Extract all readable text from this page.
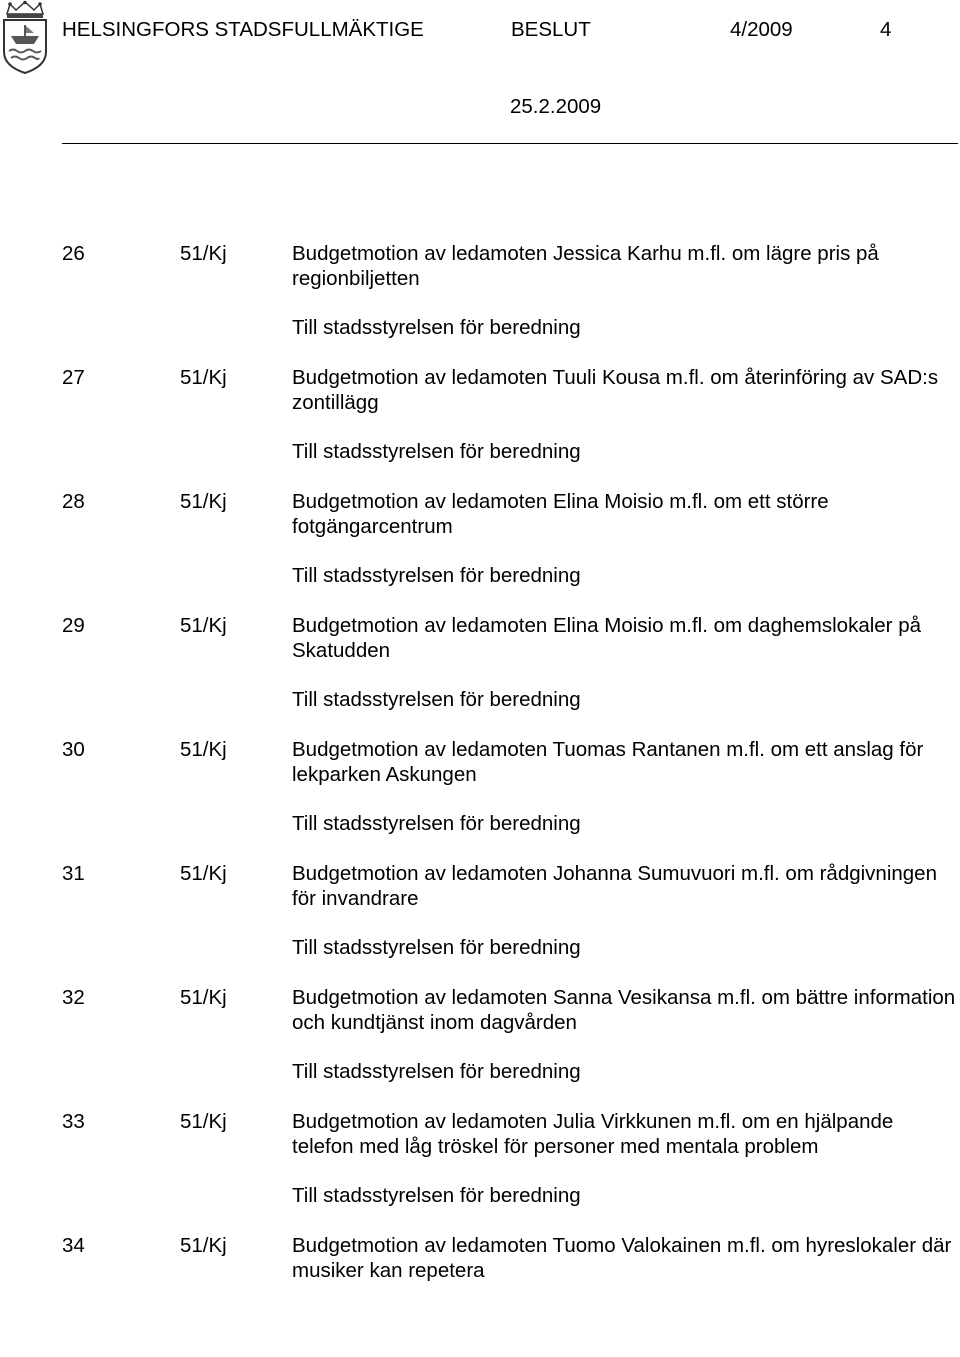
HELSINGFORS STADSFULLMÄKTIGE	BESLUT	4/2009	4
25.2.2009
26	51/Kj	Budgetmotion av ledamoten Jessica Karhu m.fl. om lägre pris på regionbiljetten
Till stadsstyrelsen för beredning
27	51/Kj	Budgetmotion av ledamoten Tuuli Kousa m.fl. om återinföring av SAD:s zontillägg
Till stadsstyrelsen för beredning
28	51/Kj	Budgetmotion av ledamoten Elina Moisio m.fl. om ett större fotgängarcentrum
Till stadsstyrelsen för beredning
29	51/Kj	Budgetmotion av ledamoten Elina Moisio m.fl. om daghemslokaler på Skatudden
Till stadsstyrelsen för beredning
30	51/Kj	Budgetmotion av ledamoten Tuomas Rantanen m.fl. om ett anslag för lekparken Askungen
Till stadsstyrelsen för beredning
31	51/Kj	Budgetmotion av ledamoten Johanna Sumuvuori m.fl. om rådgivningen för invandrare
Till stadsstyrelsen för beredning
32	51/Kj	Budgetmotion av ledamoten Sanna Vesikansa m.fl. om bättre information och kundtjänst inom dagvården
Till stadsstyrelsen för beredning
33	51/Kj	Budgetmotion av ledamoten Julia Virkkunen m.fl. om en hjälpande telefon med låg tröskel för personer med mentala problem
Till stadsstyrelsen för beredning
34	51/Kj	Budgetmotion av ledamoten Tuomo Valokainen m.fl. om hyreslokaler där musiker kan repetera
